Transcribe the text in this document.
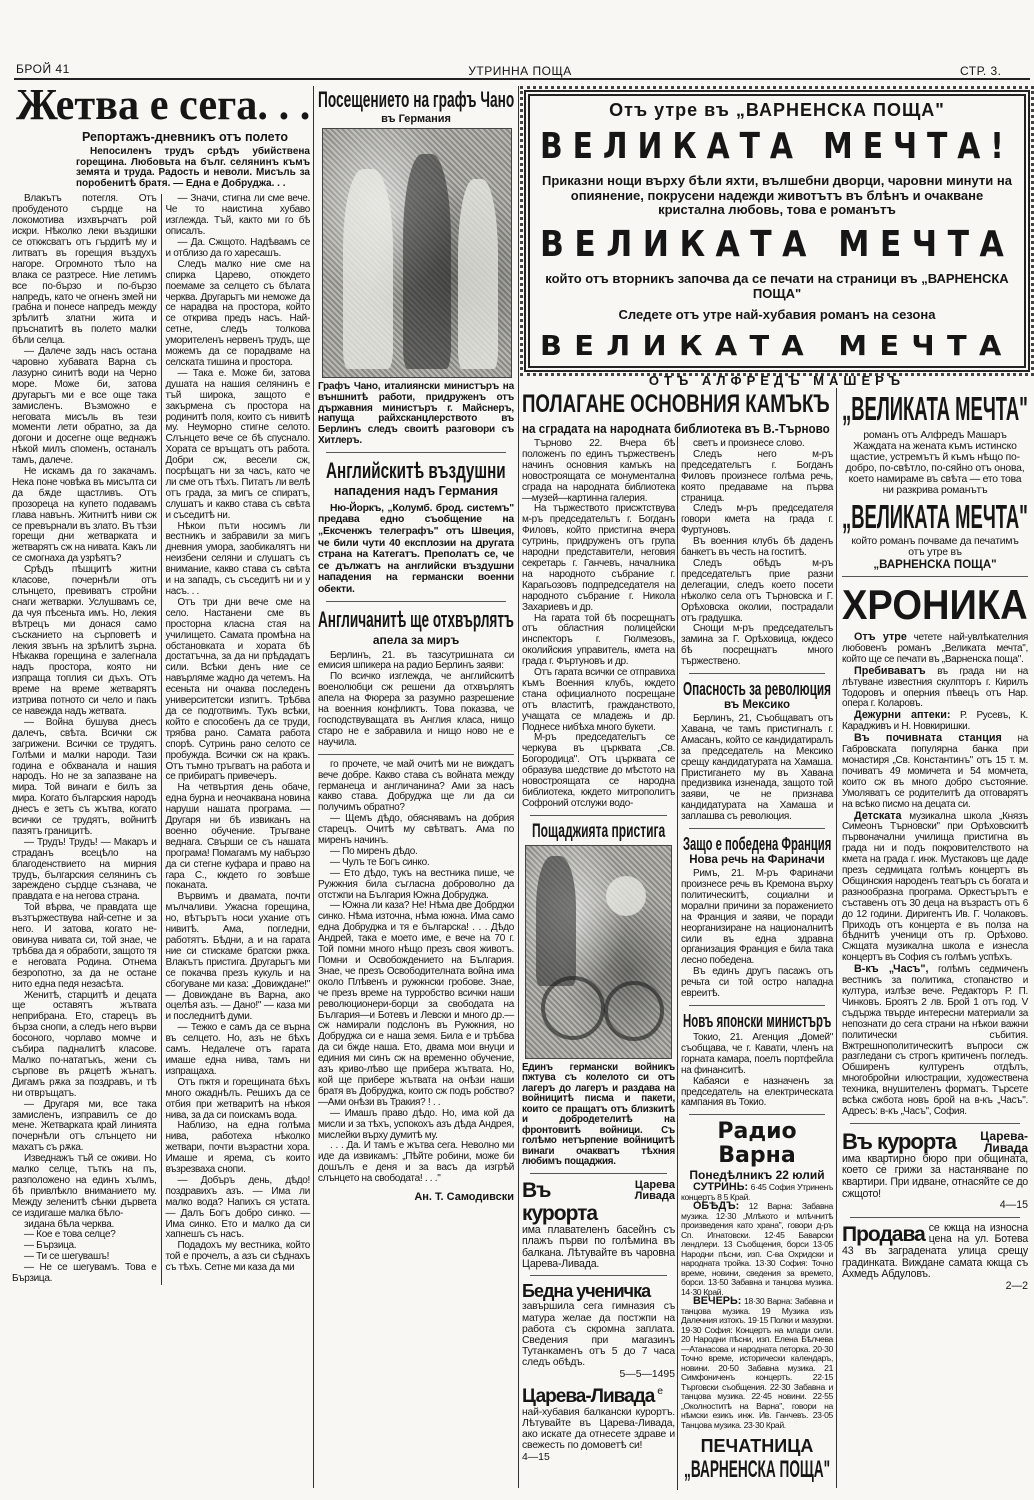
БРОЙ 41	УТРИННА ПОЩА	СТР. 3.
Жетва е сега. . .
Репортажъ-дневникъ отъ полето
Непосиленъ трудъ срѣдъ убийствена горещина. Любовьта на бълг. селянинъ къмъ земята и труда. Радость и неволи. Мисъль за поробенитѣ братя. — Една е Добруджа. . .

Влакътъ потегля. Отъ пробуденото сърдце на локомотива изхвърчатъ рой искри. Нѣколко леки въздишки се откжсватъ отъ гърдитѣ му и литватъ въ горещия въздухъ нагоре. Огромното тѣло на влака се разтресе. Ние летимъ все по-бързо и по-бързо напредъ, като че огненъ змей ни грабна и понесе напредъ между зрѣлитѣ златни жита и пръснатитѣ въ полето малки бѣли селца.

— Далече задъ насъ остана чаровно хубавата Варна съ лазурно синитѣ води на Черно море. Може би, затова другарьтъ ми е все още така замисленъ. Възможно е неговата мисъль въ тези моменти лети обратно, за да догони и досегне още веднажъ нѣкой милъ споменъ, останалъ тамъ, далече.

Не искамъ да го закачамъ. Нека поне човѣка въ мисълта си да бѫде щастливъ. Отъ прозореца на купето подавамъ глава навънъ. Житнитѣ ниви сж се превърнали въ злато. Въ тѣзи горещи дни жетварката и жетварятъ сж на нивата. Какъ ли се смогнаха да узрѣятъ?

Срѣдъ пѣшцитѣ житни класове, почернѣли отъ слънцето, превиватъ стройни снаги жетварки. Услушвамъ се, да чуя пѣсеньта имъ. Но, лекия вѣтрецъ ми донася само съсканието на сърповетѣ и лекия звънъ на зрѣлитѣ зърна. Нѣкаква горещина е залегнала надъ простора, която ни изпраща топлия си дъхъ. Отъ време на време жетварятъ изтрива потното си чело и пакъ се навежда надъ жетвата.

— Война бушува днесъ далечъ, свѣта. Всички сж загрижени. Всички се трудятъ. Голѣми и малки народи. Тази година е обхванала и нашия народъ. Но не за запазване на мира. Той винаги е билъ за мира. Когато българския народъ днесъ е зетъ съ жътва, когато всички се трудятъ, войнитѣ пазятъ границитѣ.

— Трудъ! Трудъ! — Макаръ и страданъ всецѣло на благоденствието на мирния трудъ, българския селянинъ съ зареждено сърдце съзнава, че правдата е на негова страна.

Той вѣрва, че правдата ще възтържествува най-сетне и за него. И затова, когато не-овинува нивата си, той знае, че трѣбва да я обработи, защото тя е неговата Родина. Отнема безропотно, за да не остане нито една педя незасѣта.

Женитѣ, старцитѣ и децата ще оставятъ жътвата неприбрана. Ето, старецъ въ бърза снопи, а следъ него върви босоного, чорлаво момче и събира падналитѣ класове. Малко по-нататъкъ, жени съ сърпове въ рѫцетѣ жънатъ. Дигамъ рѫка за поздравъ, и тѣ ни отвръщатъ.

— Другаря ми, все така замисленъ, изправилъ се до мене. Жетварката край линията почернѣли отъ слънцето ни махатъ съ рѫка.

Изведнажъ тъй се оживи. Но малко селце, тъткъ на пъ, разположено на единъ хълмъ, бѣ привлѣкло вниманието му. Между зеленитѣ сѣнки дървета се издигаше малка бѣло-

зидана бѣла черква.

— Кое е това селце?

— Бързица.

— Ти се шегувашъ!

— Не се шегувамъ. Това е Бързица.

— Значи, стигна ли сме вече. Че то наистина хубаво изглежда. Тъй, както ми го бѣ описалъ.

— Да. Сжщото. Надѣвамъ се и отблизо да го харесашъ.

Следъ малко ние сме на спирка Царево, откждето поемаме за селцето съ бѣлата черква. Другарьтъ ми неможе да се нарадва на простора, който се открива предъ насъ. Най-сетне, следъ толкова уморителенъ нервенъ трудъ, ще можемъ да се порадваме на селската тишина и простора.

— Така е. Може би, затова душата на нашия селянинъ е тъй широка, защото е закърмена съ простора на родинитѣ поля, които съ нивитѣ му. Неуморно стигне селото. Слънцето вече се бѣ спуснало. Хората се връщатъ отъ работа. Добри сж, весели сж, посрѣщатъ ни за часъ, като че ли сме отъ тѣхъ. Питатъ ли велѣ отъ града, за мигъ се спиратъ, слушатъ и какво става съ свѣта и съседитѣ ни.

Нѣкои пъти носимъ ли вестникъ и забравили за мигъ дневния умора, заобикалятъ ни неизбени селяни и слушатъ съ внимание, какво става съ свѣта и на западъ, съ съседитѣ ни и у насъ. . .

Отъ три дни вече сме на село. Настанени сме въ просторна класна стая на училището. Самата промѣна на обстановката и хората бѣ достатъчна, за да ни прѣдадатъ сили. Всѣки денъ ние се навърляме жадно да четемъ. На есеньта ни очаква последенъ университетски изпитъ. Трѣбва да се подготвимъ. Тукъ всѣки, който е способенъ да се труди, трябва рано. Самата работа спорѣ. Сутринь рано селото се пробужда. Всички сж на кракъ. Отъ тъмно тръгватъ на работа и се прибиратъ привечеръ.

На четвъртия день обаче, една бурна и неочаквана новина наруши нашата програма. — Другаря ни бѣ извиканъ на военно обучение. Тръгване веднага. Свърши се съ нашата програма! Помагамъ му набързо да си стегне куфара и право на гара С., кждето го зовѣше поканата.

Вървимъ и двамата, почти мълчаливи. Ужасна горещина, но, вѣтърътъ носи ухание отъ нивитѣ. Ама, погледни, работятъ. Бѣдни, а и на гарата ние си стискаме братски ржка. Влакътъ пристига. Другарьтъ ми се покачва презъ кукуль и на сбогуване ми каза: „Довиждане!" — Довиждане въ Варна, ако оцелѣя азъ. — Дано!" — каза ми и последнитѣ думи.

— Тежко е самъ да се върна въ селцето. Но, азъ не бѣхъ самъ. Недалече отъ гарата имаше една нива, тамъ ни изпращаха.

Отъ пжтя и горещината бѣхъ много ожаднѣлъ. Решихъ да се отбия при жетваритѣ на нѣкоя нива, за да си поискамъ вода.

Наблизо, на една голѣма нива, работеха нѣколко жетвари, почти възрастни хора. Имаше и ярема, съ които възрезваха снопи.

— Добъръ день, дѣдо! поздравихъ азъ. — Има ли малко вода? Напихъ ся устата. — Далъ Богъ добро синко. — Има синко. Ето и малко да си хапнешъ съ насъ.

Подадохъ му вестника, който той е прочелъ, а азъ си сѣднахъ съ тѣхъ. Сетне ми каза да ми

Посещението на графъ Чано
въ Германия
Графъ Чано, италиянски министъръ на външнитѣ работи, придруженъ отъ държавния министъръ г. Майснеръ, напуща райхсканцлерството въ Берлинъ следъ своитѣ разговори съ Хитлеръ.
Английскитѣ въздушни
нападения надъ Германия

Ню-Йоркъ, „Колумб. брод. системъ" предава едно съобщение на „Ексченжъ телеграфъ" отъ Швеция, че били чути 40 експлозии на другата страна на Категатъ. Преполатъ се, че се дължатъ на английски въздушни нападения на германски военни обекти.

Англичанитѣ ще отхвърлятъ
апела за миръ

Берлинъ, 21. въ тазсутришната си емисия шпикера на радио Берлинъ заяви:

По всичко изглежда, че английскитѣ военолюбци сж решени да отхвърлятъ апела на Фюрера за разумно разрешение на военния конфликтъ. Това показва, че господствуващата въ Англия класа, нищо старо не е забравила и нищо ново не е научила.

го прочете, че май очитѣ ми не виждатъ вече добре. Какво става съ войната между германеца и англичанина? Ами за насъ какво става. Добруджа ще ли да си получимъ обратно?

— Щемъ дѣдо, обяснявамъ на добрия старецъ. Очитѣ му свѣтватъ. Ама по миренъ начинъ.

— По миренъ дѣдо.

— Чулъ те Богъ синко.

— Ето дѣдо, тукъ на вестника пише, че Ружжния била съгласна доброволно да отстжпи на България Южна Добруджа.

— Южна ли каза? Не! Нѣма две Добрджи синко. Нѣма източна, нѣма южна. Има само една Добруджа и тя е българска! . . . Дѣдо Андрей, така е моето име, е вече на 70 г. Той помни много нѣщо презъ своя животъ. Помни и Освобождението на България. Знае, че презъ Освободителната война има около Плѣвенъ и ружжнски гробове. Знае, че презъ време на турробство всички наши революционери-борци за свободата на България—и Ботевъ и Левски и много др.—сж намирали подслонъ въ Ружжния, но Добруджа си е наша земя. Била е и трѣбва да си бжде наша. Ето, двама мои внуци и единия ми синъ сж на временно обучение, азъ криво-лѣво ще прибера жътвата. Но, кой ще прибере жътвата на онѣзи наши братя въ Добруджа, които сж подъ робство?—Ами онѣзи въ Тракия? ! . .

— Имашъ право дѣдо. Но, има кой да мисли и за тѣхъ, успокохъ азъ дѣда Андрея, мислейки върху думитѣ му.

. . . Да. И тамъ е жътва сега. Неволно ми иде да извикамъ: „Пѣйте робини, може би дошълъ е деня и за васъ да изгрѣй слънцето на свободата! . . ."

Ан. Т. Самодивски
Отъ утре въ „ВАРНЕНСКА ПОЩА"
ВЕЛИКАТА МЕЧТА!
Приказни нощи върху бѣли яхти, вълшебни дворци, чаровни минути на опиянение, покрусени надежди животътъ въ блѣнъ и очакване кристална любовь, това е романътъ
ВЕЛИКАТА МЕЧТА
който отъ вторникъ започва да се печати на страници въ „ВАРНЕНСКА ПОЩА"
Следете отъ утре най-хубавия романъ на сезона
ВЕЛИКАТА МЕЧТА
ОТЪ АЛФРЕДЪ МАШЕРЪ
ПОЛАГАНЕ ОСНОВНИЯ КАМЪКЪ
на сградата на народната библиотека въ В.-Търново

Търново 22. Вчера бѣ положенъ по единъ тържественъ начинъ основния камъкъ на новостроящата се монументална сграда на народната библиотека—музей—картинна галерия.

На тържеството присжтствува м-ръ председательтъ г. Богданъ Филовъ, който пристигна вчера сутринь, придруженъ отъ група народни представители, неговия секретарь г. Ганчевъ, началника на народното събрание г. Карагьозовъ подпредседателя на народното събрание г. Никола Захариевъ и др.

На гарата той бѣ посрещнатъ отъ областния полицейски инспекторъ г. Гюлмезовъ, околийския управитель, кмета на града г. Фъртуновъ и др.

Отъ гарата всички се отправиха къмъ Военния клубъ, кждето стана официалното посрещане отъ властитѣ, гражданството, учащата се младежь и др. Поднесе нибѣха много букети.

М-ръ председательтъ се черкува въ църквата „Св. Богородица". Отъ църквата се образува шедствие до мѣстото на новостроящата се народна библиотека, кждето митрополитъ Софроний отслужи водо-

Пощаджията пристига
Единъ германски войникъ пжтува съ колелото си отъ лагеръ до лагеръ и раздава на войницитѣ писма и пакети, които се пращатъ отъ близкитѣ и добродетелитѣ на фронтовитѣ войници. Съ голѣмо нетърпение войницитѣ винаги очакватъ тѣхния любимъ пощаджия.
Царева Ливада
Въ курорта
има плавателенъ басейнъ съ плажъ първи по голѣмина въ балкана. Лѣтувайте въ чаровна Царева-Ливада.
Бедна ученичка
завършила сега гимназия съ матура желае да постжпи на работа съ скромна заплата. Сведения при магазинъ Тутанкаменъ отъ 5 до 7 часа следъ обѣдъ.
5—5—1495
Царева-Ливада е най-хубавия балкански курортъ. Лѣтувайте въ Царева-Ливада, ако искате да отнесете здраве и свежесть по домоветѣ си!
4—15

светъ и произнесе слово.

Следъ него м-ръ председательтъ г. Богданъ Филовъ произнесе голѣма речь, която предаваме на първа страница.

Следъ м-ръ председателя говори кмета на града г. Фуртуновъ.

Въ военния клубъ бѣ даденъ банкетъ въ честь на гоститѣ.

Следъ обѣдъ м-ръ председательтъ прие разни делегации, следъ което посети нѣколко села отъ Търновска и Г. Орѣховска околии, пострадали отъ градушка.

Снощи м-ръ председательтъ замина за Г. Орѣховица, кждесо бѣ посрещнатъ много тържествено.

Опасность за революция
въ Мексико

Берлинъ, 21, Съобщаватъ отъ Хавана, че тамъ пристигналъ г. Амасанъ, който се кандидатиралъ за председатель на Мексико срещу кандидатурата на Хамаша. Пристигането му въ Хавана предизвика изненада, защото той заяви, че не признава кандидатурата на Хамаша и заплашва съ революция.

Защо е победена Франция
Нова речь на Фариначи

Римъ, 21. М-ръ Фариначи произнесе речь въ Кремона върху политическитѣ, социални и морални причини за поражението на Франция и заяви, че поради неорганизиране на националнитѣ сили въ една здравна организация Франция е била така лесно победена.

Въ единъ другъ пасажъ отъ речьта си той остро нападна евреитѣ.

Новъ японски министъръ

Токио, 21. Агенция „Домей" съобщава, че г. Кавати, членъ на горната камара, поелъ портфейла на финанситѣ.

Кабаяси е назначенъ за председатель на електрическата кампания въ Токио.

Радио Варна
Понедѣлникъ 22 юлий

СУТРИНЬ: 6·45 София Утриненъ концертъ 8 5 Край.

ОБѢДЪ: 12 Варна: Забавна музика. 12·30 „Млѣкото и млѣчнитѣ произведения като храна", говори д-ръ Сп. Игнатовски. 12·45 Баварски лендлери. 13 Съобщения, борси 13·05 Народни пѣсни, изп. С-ва Охридски и народната тройка. 13·30 София: Точно време, новини, сведения за времето, борси. 13·50 Забавна и танцова музика. 14·30 Край.

ВЕЧЕРЬ: 18·30 Варна: Забавна и танцова музика. 19 Музика изъ Далечния изтокъ. 19·15 Полки и мазурки. 19·30 София: Концертъ на млади сили. 20 Народни пѣсни, изп. Елена Бѣлчева—Атанасова и народната петорка. 20·30 Точно време, исторически календаръ, новини. 20·50 Забавна музика. 21 Симфониченъ концертъ. 22·15 Търговски съобщения. 22·30 Забавна и танцова музика. 22·45 новини. 22·55 „Околноститѣ на Варна", говори на нѣмски езикъ инж. Ив. Ганчевъ. 23·05 Танцова музика. 23·30 Край.

ПЕЧАТНИЦА
„ВАРНЕНСКА ПОЩА"
„ВЕЛИКАТА МЕЧТА"
романъ отъ Алфредъ Машаръ Жаждата на жената къмъ истинско щастие, устремътъ й къмъ нѣщо по-добро, по-свѣтло, по-сяйно отъ онова, което намираме въ свѣта — ето това ни разкрива романътъ
„ВЕЛИКАТА МЕЧТА"
който романъ почваме да печатимъ отъ утре въ
„ВАРНЕНСКА ПОЩА"
ХРОНИКА

Отъ утре четете най-увлѣкателния любовенъ романъ „Великата мечта", който ще се печати въ „Варненска поща".

Пребиваватъ въ града ни на лѣтуване известния скулпторъ г. Кирилъ Тодоровъ и оперния пѣвецъ отъ Нар. опера г. Коларовъ.

Дежурни аптеки: Р. Русевъ, К. Карадживъ и Н. Новкиришки.

Въ почивната станция на Габровската популярна банка при монастиря „Св. Константинъ" отъ 15 т. м. почиватъ 49 момичета и 54 момчета, които сж въ много добро състояние. Умоляватъ се родителитѣ да отговарятъ на всѣко писмо на децата си.

Детската музикална школа „Князъ Симеонъ Търновски" при Орѣховскитѣ първоначални училища пристигна въ града ни и подъ покровителството на кмета на града г. инж. Мустаковъ ще даде презъ седмицата голѣмъ концертъ въ Общинския народенъ театъръ съ богата и разнообразна програма. Оркестърътъ е съставенъ отъ 30 деца на възрастъ отъ 6 до 12 години. Диригентъ Ив. Г. Чолаковъ. Приходъ отъ концерта е въ полза на бѣднитѣ ученици отъ гр. Орѣхово. Сжщата музикална школа е изнесла концертъ въ София съ голѣмъ успѣхъ.

В-къ „Часъ", голѣмъ седмиченъ вестникъ за политика, стопанство и култура, излѣзе вече. Редакторъ Р. П. Чинковъ. Броятъ 2 лв. Брой 1 отъ год. V съдържа твърде интересни материали за непознати до сега страни на нѣкои важни политически събития. Вжтрешнополитическитѣ въпроси сж разгледани съ строгъ критиченъ погледъ. Обширенъ културенъ отдѣлъ, многобройни илюстрации, художествена техника, внушителенъ форматъ. Търсете всѣка сжбота новъ брой на в-къ „Часъ". Адресъ: в-къ „Часъ", София.

Царева-Ливада
Въ курорта
има квартирно бюро при общината, което се грижи за настаняване по квартири. При идване, отнасяйте се до сжщото!
4—15
Продава се кжща на износна цена на ул. Ботева 43 въ заградената улица срещу градинката. Виждане самата кжща съ Ахмедъ Абдуловъ.
2—2
